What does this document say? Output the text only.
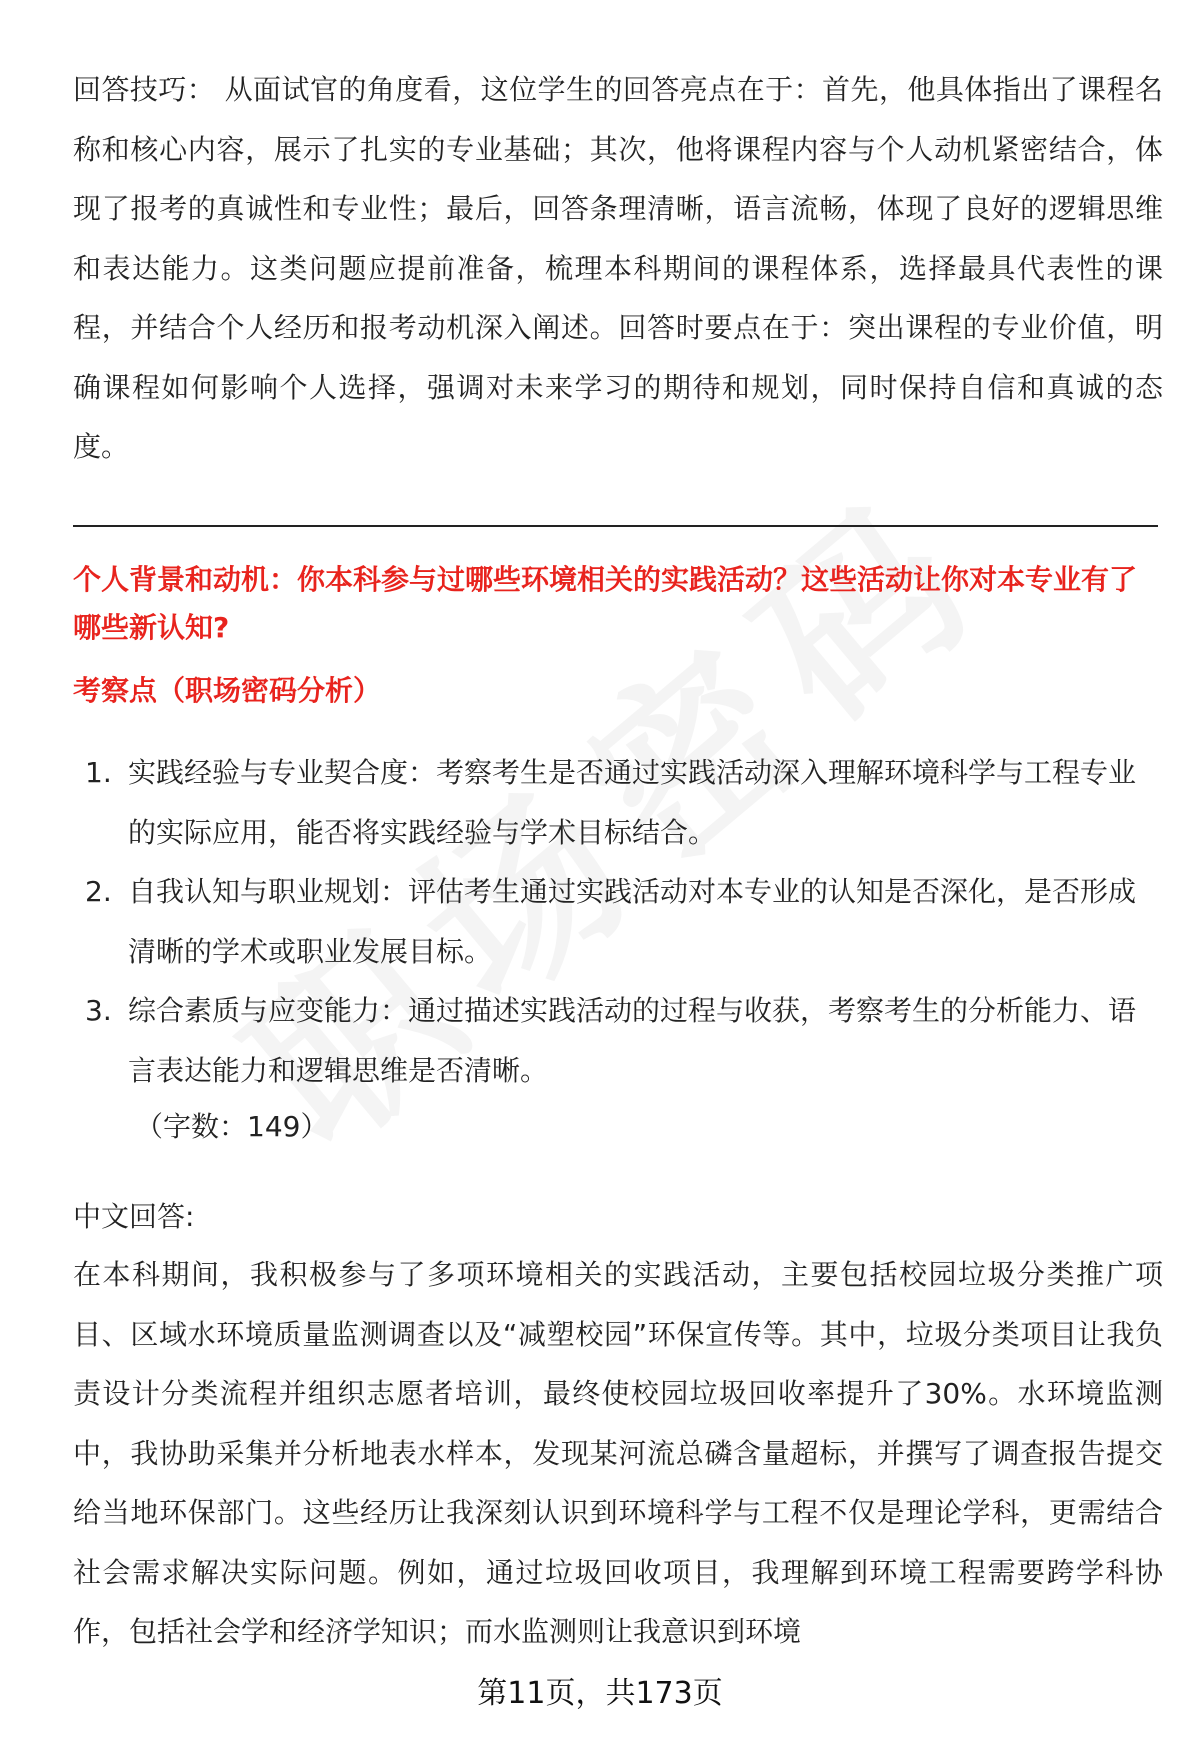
回答技巧： 从面试官的角度看，这位学生的回答亮点在于：首先，他具体指出了课程名称和核心内容，展示了扎实的专业基础；其次，他将课程内容与个人动机紧密结合，体现了报考的真诚性和专业性；最后，回答条理清晰，语言流畅，体现了良好的逻辑思维和表达能力。这类问题应提前准备，梳理本科期间的课程体系，选择最具代表性的课程，并结合个人经历和报考动机深入阐述。回答时要点在于：突出课程的专业价值，明确课程如何影响个人选择，强调对未来学习的期待和规划，同时保持自信和真诚的态度。

个人背景和动机：你本科参与过哪些环境相关的实践活动？这些活动让你对本专业有了哪些新认知?

考察点（职场密码分析）

1. 实践经验与专业契合度：考察考生是否通过实践活动深入理解环境科学与工程专业的实际应用，能否将实践经验与学术目标结合。
2. 自我认知与职业规划：评估考生通过实践活动对本专业的认知是否深化，是否形成清晰的学术或职业发展目标。
3. 综合素质与应变能力：通过描述实践活动的过程与收获，考察考生的分析能力、语言表达能力和逻辑思维是否清晰。
（字数：149）
中文回答:

在本科期间，我积极参与了多项环境相关的实践活动，主要包括校园垃圾分类推广项目、区域水环境质量监测调查以及“减塑校园”环保宣传等。其中，垃圾分类项目让我负责设计分类流程并组织志愿者培训，最终使校园垃圾回收率提升了30%。水环境监测中，我协助采集并分析地表水样本，发现某河流总磷含量超标，并撰写了调查报告提交给当地环保部门。这些经历让我深刻认识到环境科学与工程不仅是理论学科，更需结合社会需求解决实际问题。例如，通过垃圾回收项目，我理解到环境工程需要跨学科协作，包括社会学和经济学知识；而水监测则让我意识到环境

第11页，共173页
